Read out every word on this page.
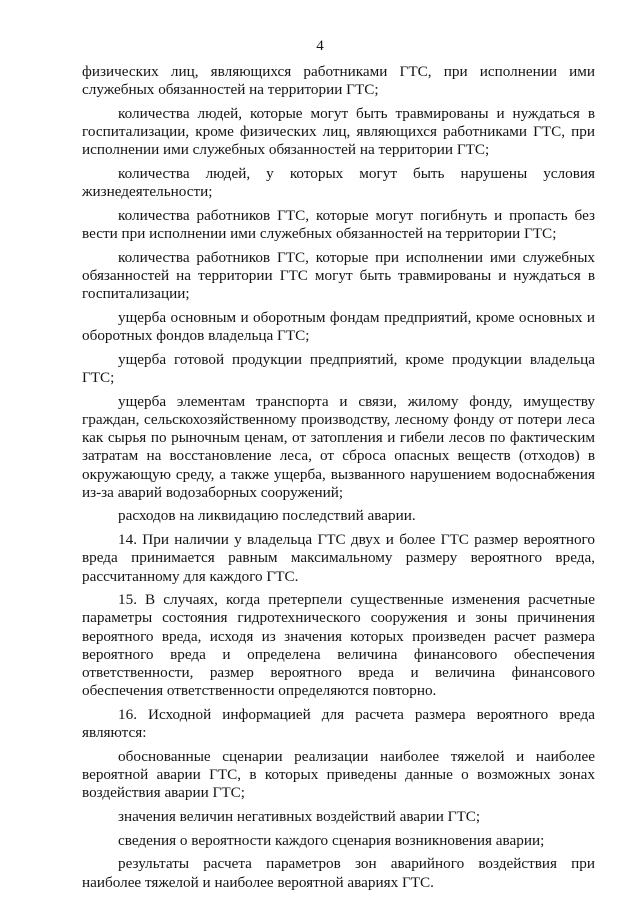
4

физических лиц, являющихся работниками ГТС, при исполнении ими служебных обязанностей на территории ГТС;

количества людей, которые могут быть травмированы и нуждаться в госпитализации, кроме физических лиц, являющихся работниками ГТС, при исполнении ими служебных обязанностей на территории ГТС;

количества людей, у которых могут быть нарушены условия жизнедеятельности;

количества работников ГТС, которые могут погибнуть и пропасть без вести при исполнении ими служебных обязанностей на территории ГТС;

количества работников ГТС, которые при исполнении ими служебных обязанностей на территории ГТС могут быть травмированы и нуждаться в госпитализации;

ущерба основным и оборотным фондам предприятий, кроме основных и оборотных фондов владельца ГТС;

ущерба готовой продукции предприятий, кроме продукции владельца ГТС;

ущерба элементам транспорта и связи, жилому фонду, имуществу граждан, сельскохозяйственному производству, лесному фонду от потери леса как сырья по рыночным ценам, от затопления и гибели лесов по фактическим затратам на восстановление леса, от сброса опасных веществ (отходов) в окружающую среду, а также ущерба, вызванного нарушением водоснабжения из-за аварий водозаборных сооружений;

расходов на ликвидацию последствий аварии.

14. При наличии у владельца ГТС двух и более ГТС размер вероятного вреда принимается равным максимальному размеру вероятного вреда, рассчитанному для каждого ГТС.

15. В случаях, когда претерпели существенные изменения расчетные параметры состояния гидротехнического сооружения и зоны причинения вероятного вреда, исходя из значения которых произведен расчет размера вероятного вреда и определена величина финансового обеспечения ответственности, размер вероятного вреда и величина финансового обеспечения ответственности определяются повторно.

16. Исходной информацией для расчета размера вероятного вреда являются:

обоснованные сценарии реализации наиболее тяжелой и наиболее вероятной аварии ГТС, в которых приведены данные о возможных зонах воздействия аварии ГТС;

значения величин негативных воздействий аварии ГТС;

сведения о вероятности каждого сценария возникновения аварии;

результаты расчета параметров зон аварийного воздействия при наиболее тяжелой и наиболее вероятной авариях ГТС.
